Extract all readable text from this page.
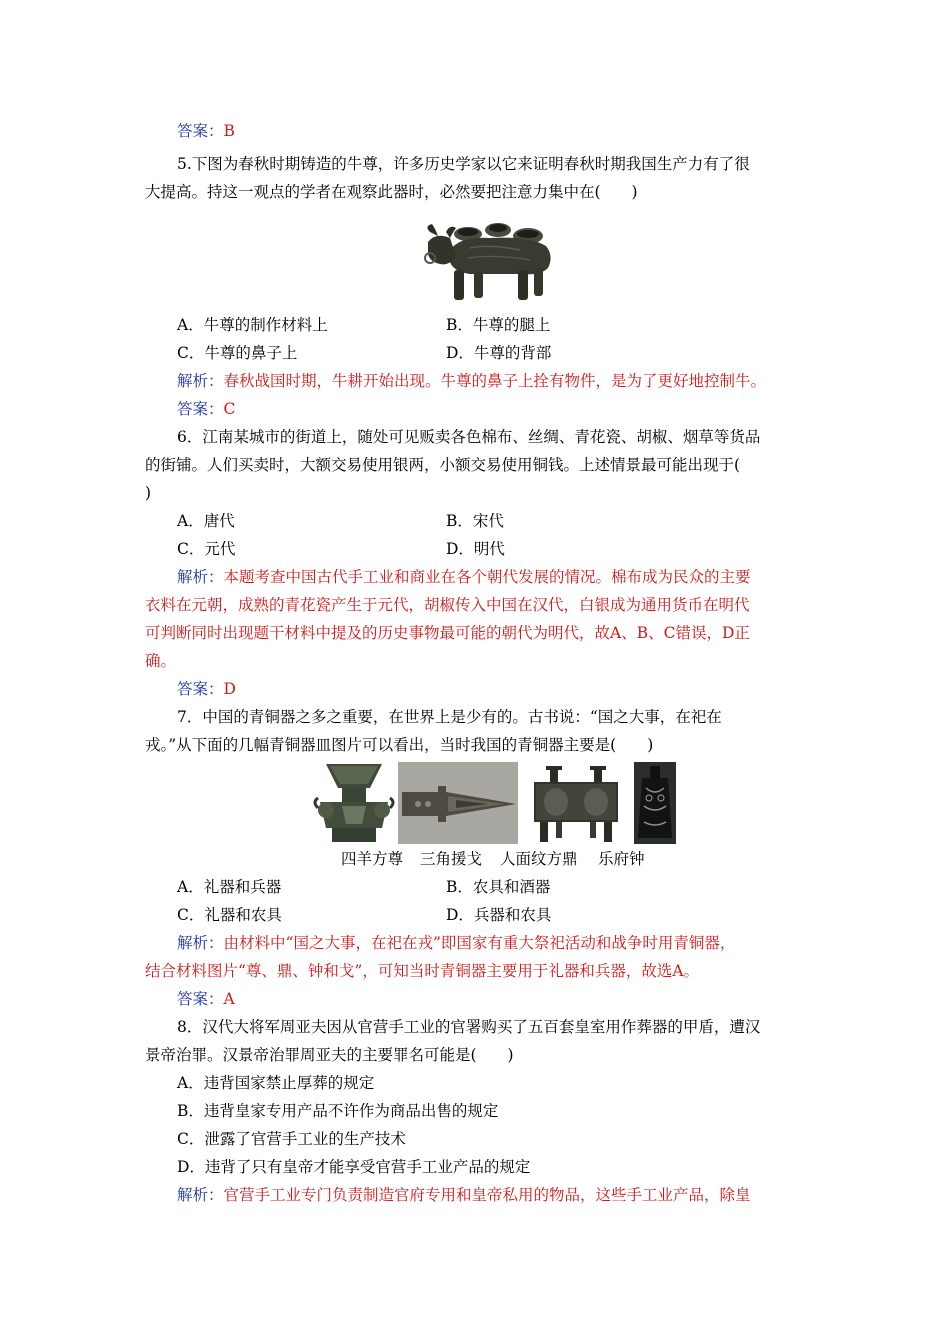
答案：B
5.下图为春秋时期铸造的牛尊，许多历史学家以它来证明春秋时期我国生产力有了很
大提高。持这一观点的学者在观察此器时，必然要把注意力集中在(　　)
A．牛尊的制作材料上	B．牛尊的腿上
C．牛尊的鼻子上	D．牛尊的背部
解析：春秋战国时期，牛耕开始出现。牛尊的鼻子上拴有物件，是为了更好地控制牛。
答案：C
6．江南某城市的街道上，随处可见贩卖各色棉布、丝绸、青花瓷、胡椒、烟草等货品
的街铺。人们买卖时，大额交易使用银两，小额交易使用铜钱。上述情景最可能出现于(
)
A．唐代	B．宋代
C．元代	D．明代
解析：本题考查中国古代手工业和商业在各个朝代发展的情况。棉布成为民众的主要
衣料在元朝，成熟的青花瓷产生于元代，胡椒传入中国在汉代，白银成为通用货币在明代
可判断同时出现题干材料中提及的历史事物最可能的朝代为明代，故A、B、C错误，D正
确。
答案：D
7．中国的青铜器之多之重要，在世界上是少有的。古书说：“国之大事，在祀在
戎。”从下面的几幅青铜器皿图片可以看出，当时我国的青铜器主要是(　　)
四羊方尊 三角援戈 人面纹方鼎 乐府钟
A．礼器和兵器	B．农具和酒器
C．礼器和农具	D．兵器和农具
解析：由材料中“国之大事，在祀在戎”即国家有重大祭祀活动和战争时用青铜器，
结合材料图片“尊、鼎、钟和戈”，可知当时青铜器主要用于礼器和兵器，故选A。
答案：A
8．汉代大将军周亚夫因从官营手工业的官署购买了五百套皇室用作葬器的甲盾，遭汉
景帝治罪。汉景帝治罪周亚夫的主要罪名可能是(　　)
A．违背国家禁止厚葬的规定
B．违背皇家专用产品不许作为商品出售的规定
C．泄露了官营手工业的生产技术
D．违背了只有皇帝才能享受官营手工业产品的规定
解析：官营手工业专门负责制造官府专用和皇帝私用的物品，这些手工业产品，除皇
